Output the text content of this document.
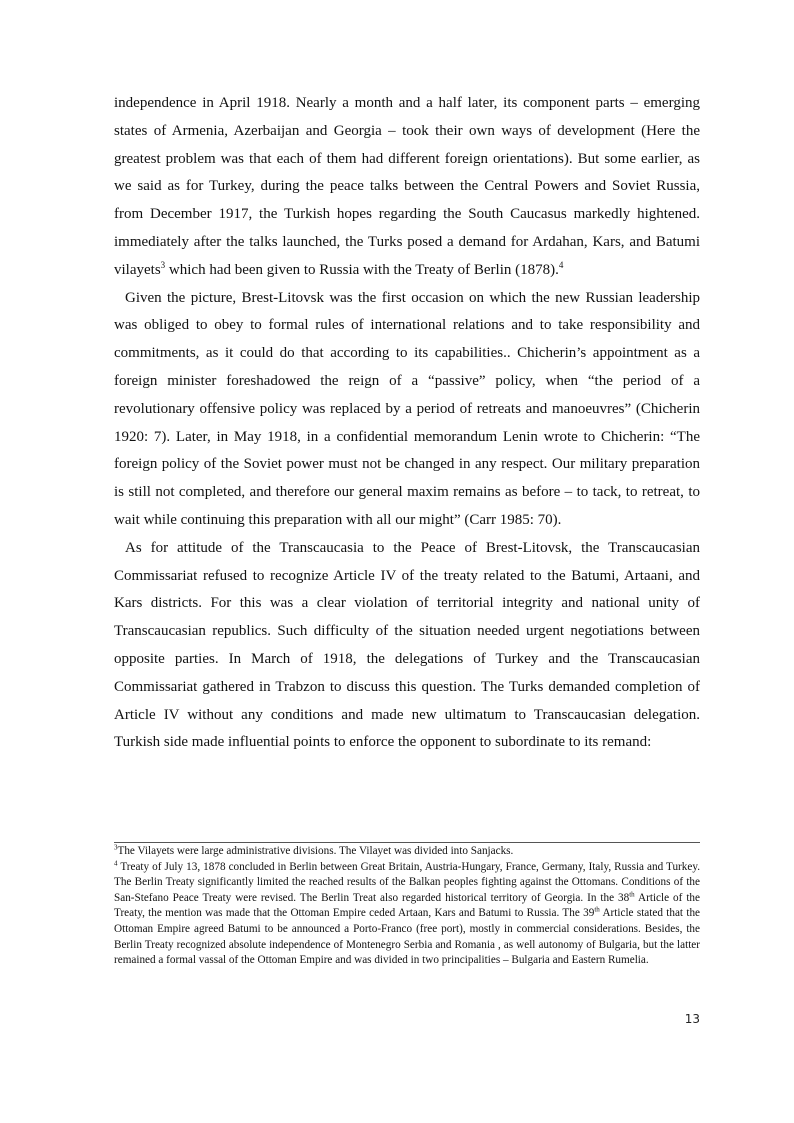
independence in April 1918. Nearly a month and a half later, its component parts – emerging states of Armenia, Azerbaijan and Georgia – took their own ways of development (Here the greatest problem was that each of them had different foreign orientations). But some earlier, as we said as for Turkey, during the peace talks between the Central Powers and Soviet Russia, from December 1917, the Turkish hopes regarding the South Caucasus markedly hightened. immediately after the talks launched, the Turks posed a demand for Ardahan, Kars, and Batumi vilayets$^3$ which had been given to Russia with the Treaty of Berlin (1878).$^4$

Given the picture, Brest-Litovsk was the first occasion on which the new Russian leadership was obliged to obey to formal rules of international relations and to take responsibility and commitments, as it could do that according to its capabilities.. Chicherin’s appointment as a foreign minister foreshadowed the reign of a “passive” policy, when “the period of a revolutionary offensive policy was replaced by a period of retreats and manoeuvres” (Chicherin 1920: 7). Later, in May 1918, in a confidential memorandum Lenin wrote to Chicherin: “The foreign policy of the Soviet power must not be changed in any respect. Our military preparation is still not completed, and therefore our general maxim remains as before – to tack, to retreat, to wait while continuing this preparation with all our might” (Carr 1985: 70).

As for attitude of the Transcaucasia to the Peace of Brest-Litovsk, the Transcaucasian Commissariat refused to recognize Article IV of the treaty related to the Batumi, Artaani, and Kars districts. For this was a clear violation of territorial integrity and national unity of Transcaucasian republics. Such difficulty of the situation needed urgent negotiations between opposite parties. In March of 1918, the delegations of Turkey and the Transcaucasian Commissariat gathered in Trabzon to discuss this question. The Turks demanded completion of Article IV without any conditions and made new ultimatum to Transcaucasian delegation. Turkish side made influential points to enforce the opponent to subordinate to its remand:

$^3$The Vilayets were large administrative divisions. The Vilayet was divided into Sanjacks.

$^4$ Treaty of July 13, 1878 concluded in Berlin between Great Britain, Austria-Hungary, France, Germany, Italy, Russia and Turkey. The Berlin Treaty significantly limited the reached results of the Balkan peoples fighting against the Ottomans. Conditions of the San-Stefano Peace Treaty were revised. The Berlin Treat also regarded historical territory of Georgia. In the 38th Article of the Treaty, the mention was made that the Ottoman Empire ceded Artaan, Kars and Batumi to Russia. The 39th Article stated that the Ottoman Empire agreed Batumi to be announced a Porto-Franco (free port), mostly in commercial considerations. Besides, the Berlin Treaty recognized absolute independence of Montenegro Serbia and Romania , as well autonomy of Bulgaria, but the latter remained a formal vassal of the Ottoman Empire and was divided in two principalities – Bulgaria and Eastern Rumelia.

13
